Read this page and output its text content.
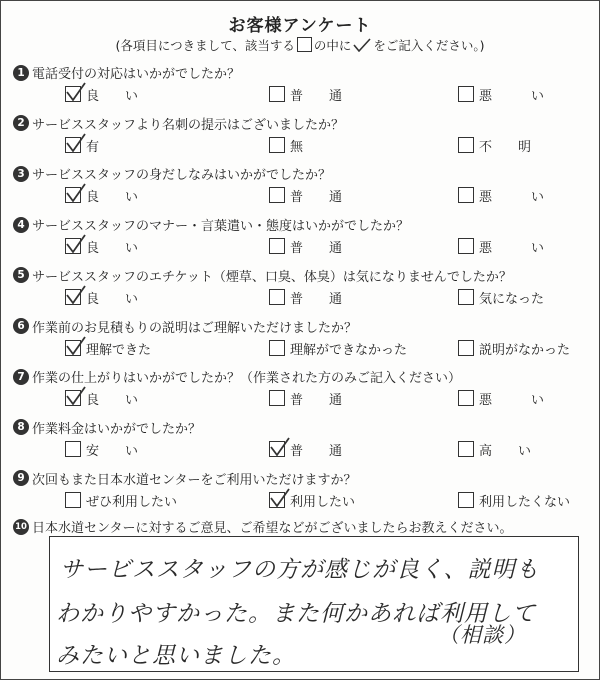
お客様アンケート
(各項目につきまして、該当する の中に をご記入ください。)
1 電話受付の対応はいかがでしたか？
良　　い	普　　通	悪　　　い
2 サービススタッフより名刺の提示はございましたか？
有	無	不　　明
3 サービススタッフの身だしなみはいかがでしたか？
良　　い	普　　通	悪　　　い
4 サービススタッフのマナー・言葉遣い・態度はいかがでしたか？
良　　い	普　　通	悪　　　い
5 サービススタッフのエチケット（煙草、口臭、体臭）は気になりませんでしたか？
良　　い	普　　通	気になった
6 作業前のお見積もりの説明はご理解いただけましたか？
理解できた	理解ができなかった	説明がなかった
7 作業の仕上がりはいかがでしたか？（作業された方のみご記入ください）
良　　い	普　　通	悪　　　い
8 作業料金はいかがでしたか？
安　　い	普　　通	高　　い
9 次回もまた日本水道センターをご利用いただけますか？
ぜひ利用したい	利用したい	利用したくない
10 日本水道センターに対するご意見、ご希望などがございましたらお教えください。
サービススタッフの方が感じが良く、説明も
わかりやすかった。また何かあれば利用して
みたいと思いました。
（相談）
